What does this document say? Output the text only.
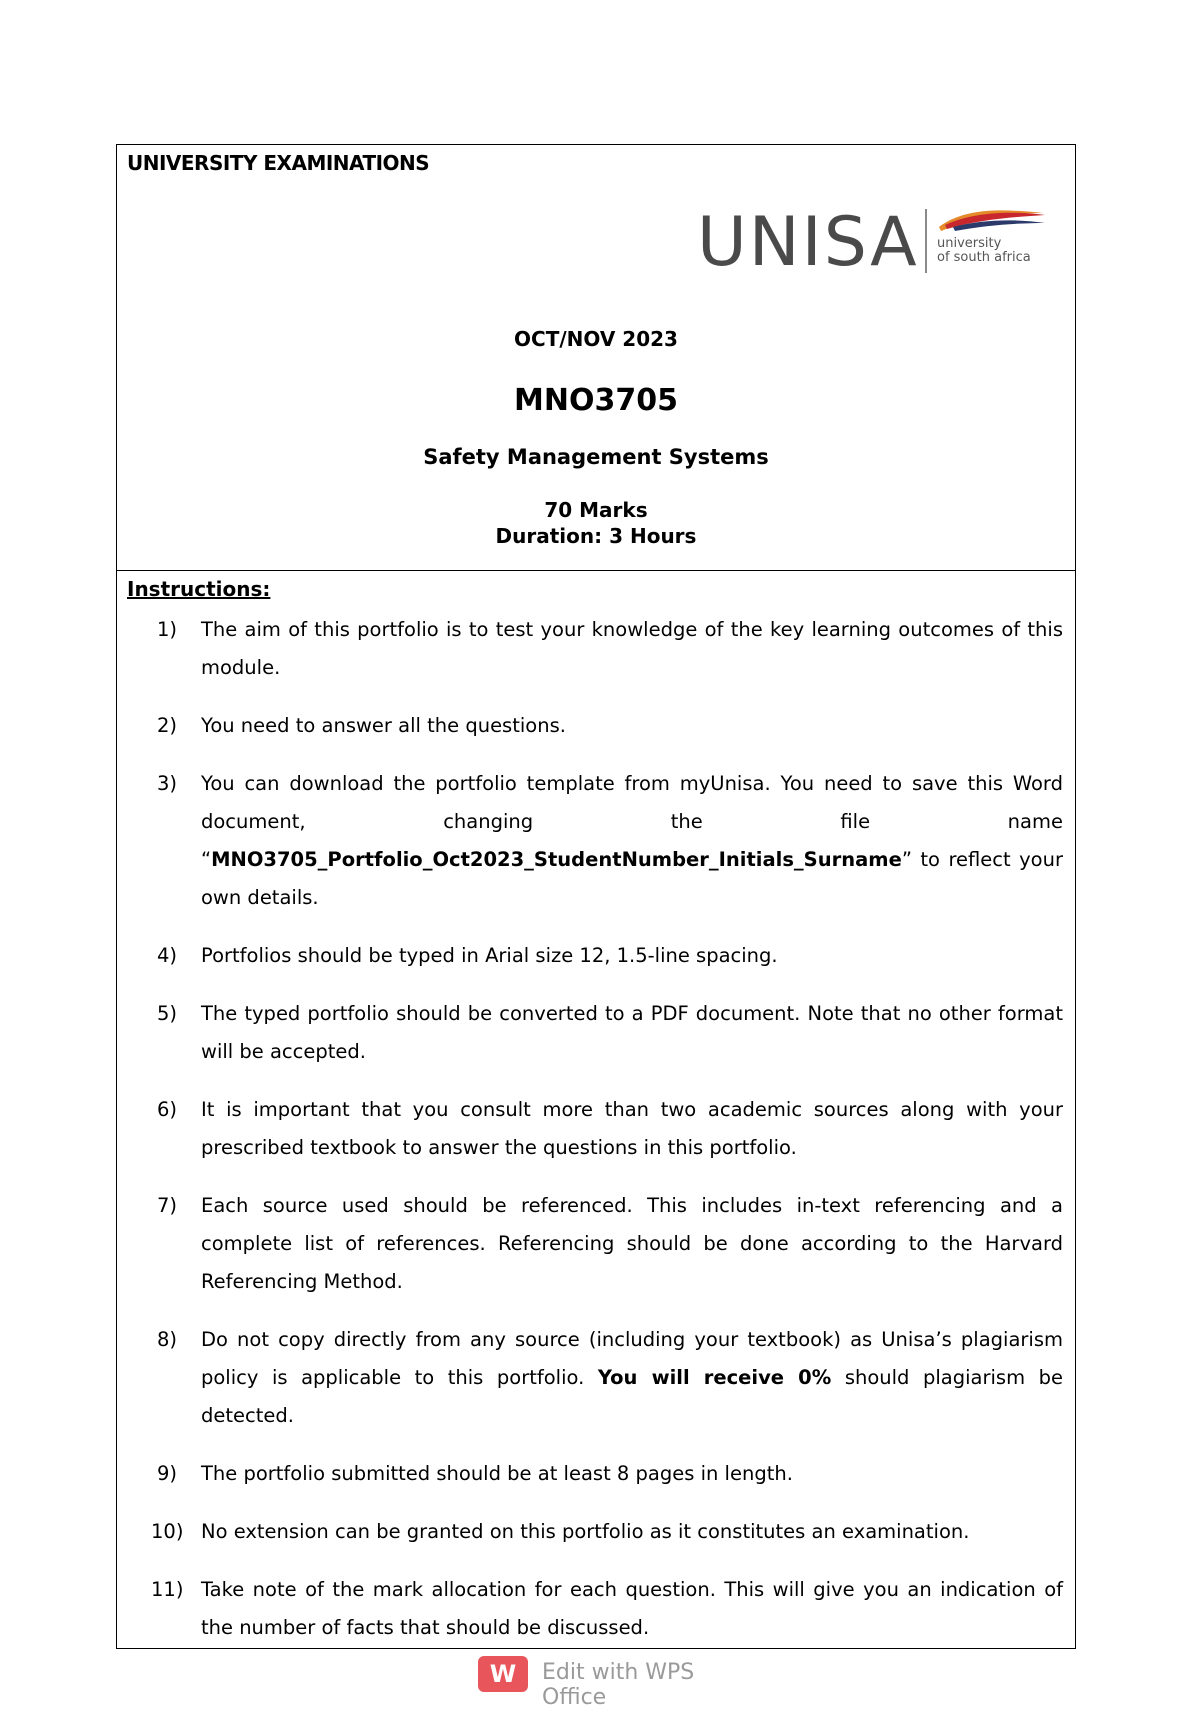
UNIVERSITY EXAMINATIONS
UNISA university
of south africa
OCT/NOV 2023
MNO3705
Safety Management Systems
70 Marks
Duration: 3 Hours
Instructions:
1) The aim of this portfolio is to test your knowledge of the key learning outcomes of this module.
2) You need to answer all the questions.
3) You can download the portfolio template from myUnisa. You need to save this Word document, changing the file name “MNO3705_Portfolio_Oct2023_StudentNumber_Initials_Surname” to reflect your own details.
4) Portfolios should be typed in Arial size 12, 1.5-line spacing.
5) The typed portfolio should be converted to a PDF document. Note that no other format will be accepted.
6) It is important that you consult more than two academic sources along with your prescribed textbook to answer the questions in this portfolio.
7) Each source used should be referenced. This includes in-text referencing and a complete list of references. Referencing should be done according to the Harvard Referencing Method.
8) Do not copy directly from any source (including your textbook) as Unisa’s plagiarism policy is applicable to this portfolio. You will receive 0% should plagiarism be detected.
9) The portfolio submitted should be at least 8 pages in length.
10) No extension can be granted on this portfolio as it constitutes an examination.
11) Take note of the mark allocation for each question. This will give you an indication of the number of facts that should be discussed.
W	Edit with WPS Office
